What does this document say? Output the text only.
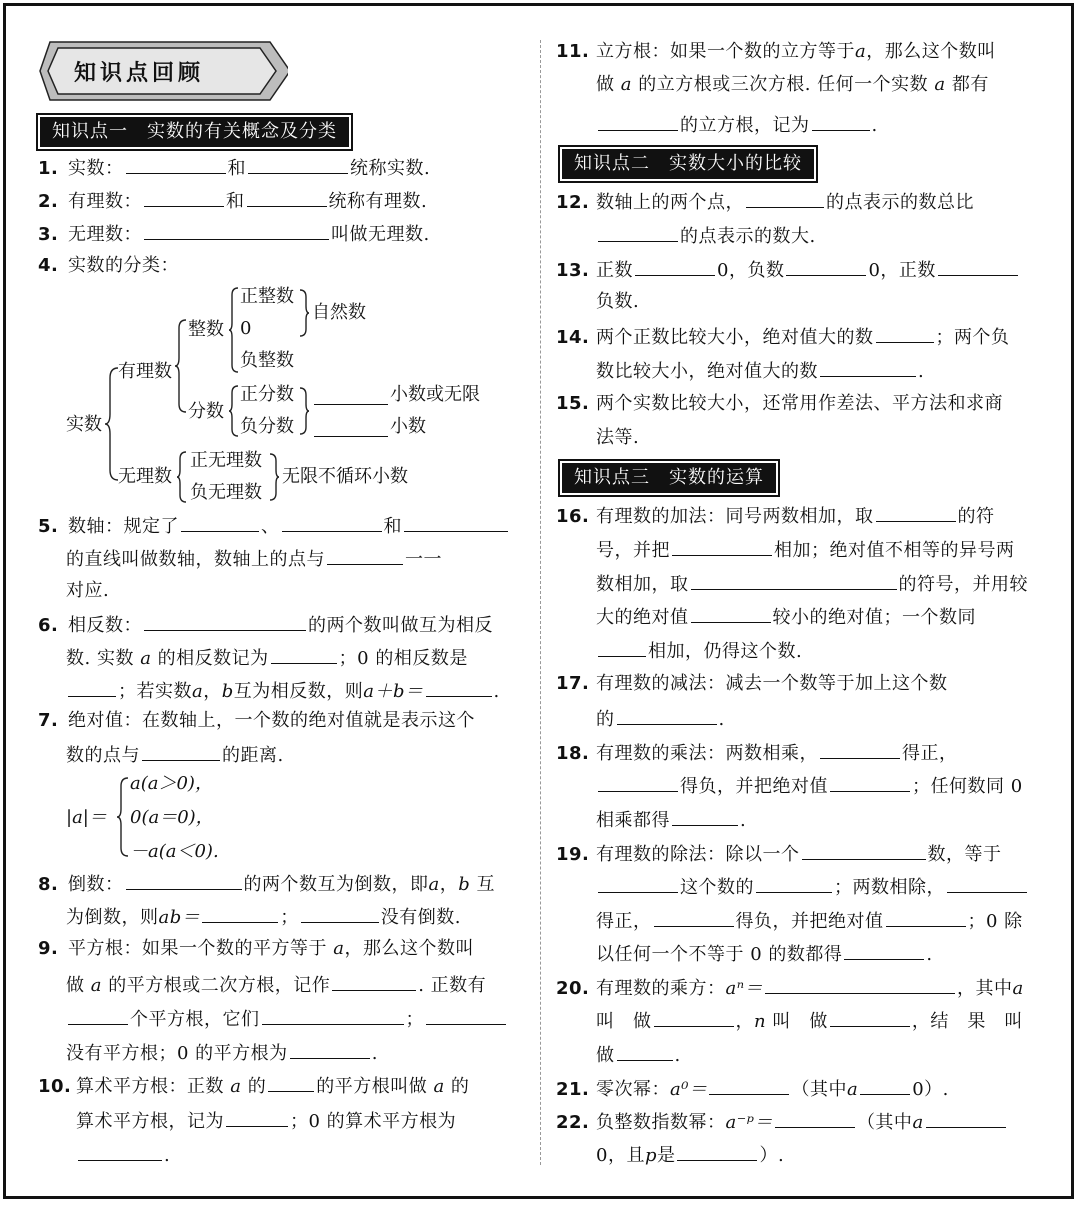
知识点回顾
知识点一　实数的有关概念及分类
1. 实数：	和	统称实数.
2. 有理数：	和	统称有理数.
3. 无理数：	叫做无理数.
4. 实数的分类：
实数
有理数
整数
正整数
0
负整数
自然数
分数
正分数
负分数
小数或无限
小数
无理数
正无理数
负无理数
无限不循环小数
5. 数轴：规定了	、	和
的直线叫做数轴，数轴上的点与	一一
对应.
6. 相反数：	的两个数叫做互为相反
数. 实数 a 的相反数记为	；0 的相反数是
；若实数a，b互为相反数，则a＋b＝	.
7. 绝对值：在数轴上，一个数的绝对值就是表示这个
数的点与	的距离.
|a|＝
a(a＞0)，
0(a＝0)，
－a(a＜0).
8. 倒数：	的两个数互为倒数，即a，b 互
为倒数，则ab＝	；	没有倒数.
9. 平方根：如果一个数的平方等于 a，那么这个数叫
做 a 的平方根或二次方根，记作	. 正数有
个平方根，它们	；
没有平方根；0 的平方根为	.
10. 算术平方根：正数 a 的	的平方根叫做 a 的
算术平方根，记为	；0 的算术平方根为
.
11. 立方根：如果一个数的立方等于a，那么这个数叫
做 a 的立方根或三次方根. 任何一个实数 a 都有
的立方根，记为	.
知识点二　实数大小的比较
12. 数轴上的两个点，	的点表示的数总比
的点表示的数大.
13. 正数	0，负数	0，正数
负数.
14. 两个正数比较大小，绝对值大的数	；两个负
数比较大小，绝对值大的数	.
15. 两个实数比较大小，还常用作差法、平方法和求商
法等.
知识点三　实数的运算
16. 有理数的加法：同号两数相加，取	的符
号，并把	相加；绝对值不相等的异号两
数相加，取	的符号，并用较
大的绝对值	较小的绝对值；一个数同
相加，仍得这个数.
17. 有理数的减法：减去一个数等于加上这个数
的	.
18. 有理数的乘法：两数相乘，	得正，
得负，并把绝对值	；任何数同 0
相乘都得	.
19. 有理数的除法：除以一个	数，等于
这个数的	；两数相除，
得正，	得负，并把绝对值	；0 除
以任何一个不等于 0 的数都得	.
20. 有理数的乘方：aⁿ＝	，其中a
叫　做	，n 叫　做	，结　果　叫
做	.
21. 零次幂：a⁰＝	（其中a	0）.
22. 负整数指数幂：a⁻ᵖ＝	（其中a
0，且p是	）.
